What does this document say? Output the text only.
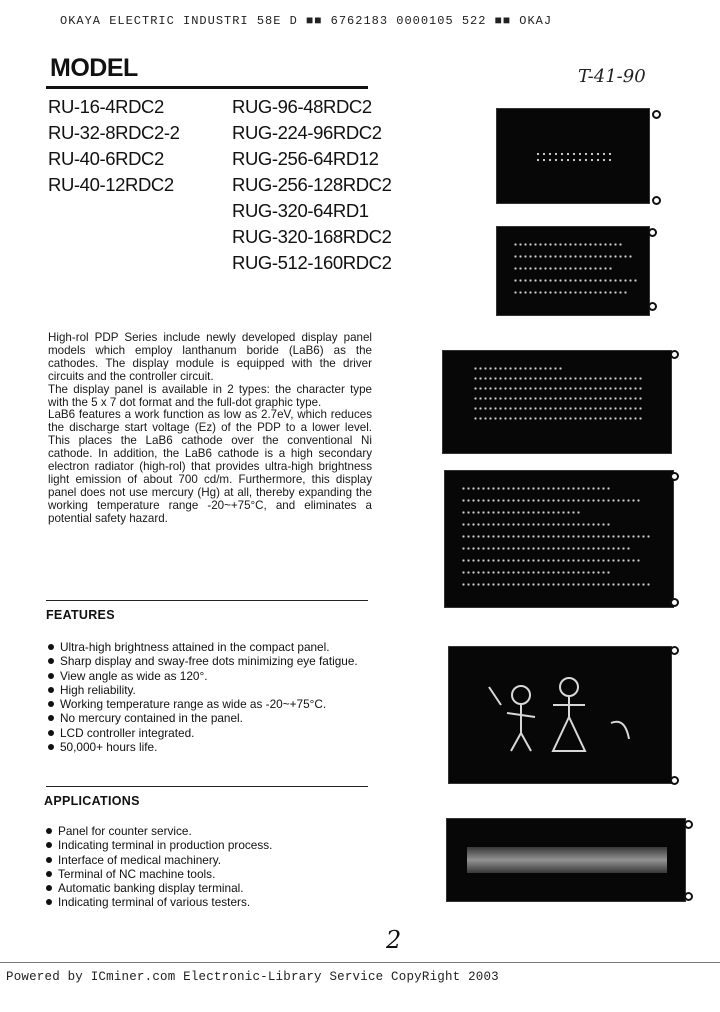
OKAYA ELECTRIC INDUSTRI 58E D ■■ 6762183 0000105 522 ■■ OKAJ
T-41-90
MODEL
RU-16-4RDC2
RU-32-8RDC2-2
RU-40-6RDC2
RU-40-12RDC2
RUG-96-48RDC2
RUG-224-96RDC2
RUG-256-64RD12
RUG-256-128RDC2
RUG-320-64RD1
RUG-320-168RDC2
RUG-512-160RDC2

High-rol PDP Series include newly developed display panel models which employ lanthanum boride (LaB6) as the cathodes. The display module is equipped with the driver circuits and the controller circuit.

The display panel is available in 2 types: the character type with the 5 x 7 dot format and the full-dot graphic type.

LaB6 features a work function as low as 2.7eV, which reduces the discharge start voltage (Ez) of the PDP to a lower level. This places the LaB6 cathode over the conventional Ni cathode. In addition, the LaB6 cathode is a high secondary electron radiator (high-rol) that provides ultra-high brightness light emission of about 700 cd/m. Furthermore, this display panel does not use mercury (Hg) at all, thereby expanding the working temperature range -20~+75°C, and eliminates a potential safety hazard.

FEATURES
Ultra-high brightness attained in the compact panel.
Sharp display and sway-free dots minimizing eye fatigue.
View angle as wide as 120°.
High reliability.
Working temperature range as wide as -20~+75°C.
No mercury contained in the panel.
LCD controller integrated.
50,000+ hours life.
APPLICATIONS
Panel for counter service.
Indicating terminal in production process.
Interface of medical machinery.
Terminal of NC machine tools.
Automatic banking display terminal.
Indicating terminal of various testers.
2
Powered by ICminer.com Electronic-Library Service CopyRight 2003
